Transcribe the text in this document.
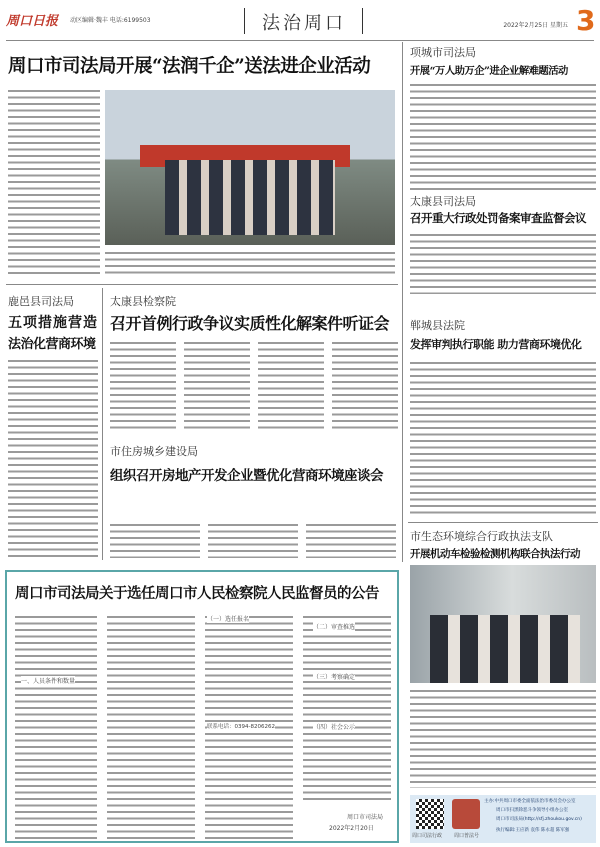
周口日报 动区编辑·魏丰 电话:6199503	法治周口	2022年2月25日 星期五 3
周口市司法局开展“法润千企”送法进企业活动
项城市司法局
开展“万人助万企”进企业解难题活动
太康县司法局
召开重大行政处罚备案审查监督会议
郸城县法院
发挥审判执行职能 助力营商环境优化
市生态环境综合行政执法支队
开展机动车检验检测机构联合执法行动
周口司法行政 周口普法号
主办:中共周口市委全面依法治市委员会办公室
周口市扫黑除恶斗争领导小组办公室
周口市司法局(http://sfj.zhoukou.gov.cn)
执行编辑:王应新 袁伟 陈永超 陈军强
鹿邑县司法局
五项措施营造
法治化营商环境
太康县检察院
召开首例行政争议实质性化解案件听证会
市住房城乡建设局
组织召开房地产开发企业暨优化营商环境座谈会
周口市司法局关于选任周口市人民检察院人民监督员的公告
一、人员条件和数量
（一）选任报名
联系电话：0394-8206262
（二）审查推选
（三）考察确定
（四）社会公示
周口市司法局
2022年2月20日
